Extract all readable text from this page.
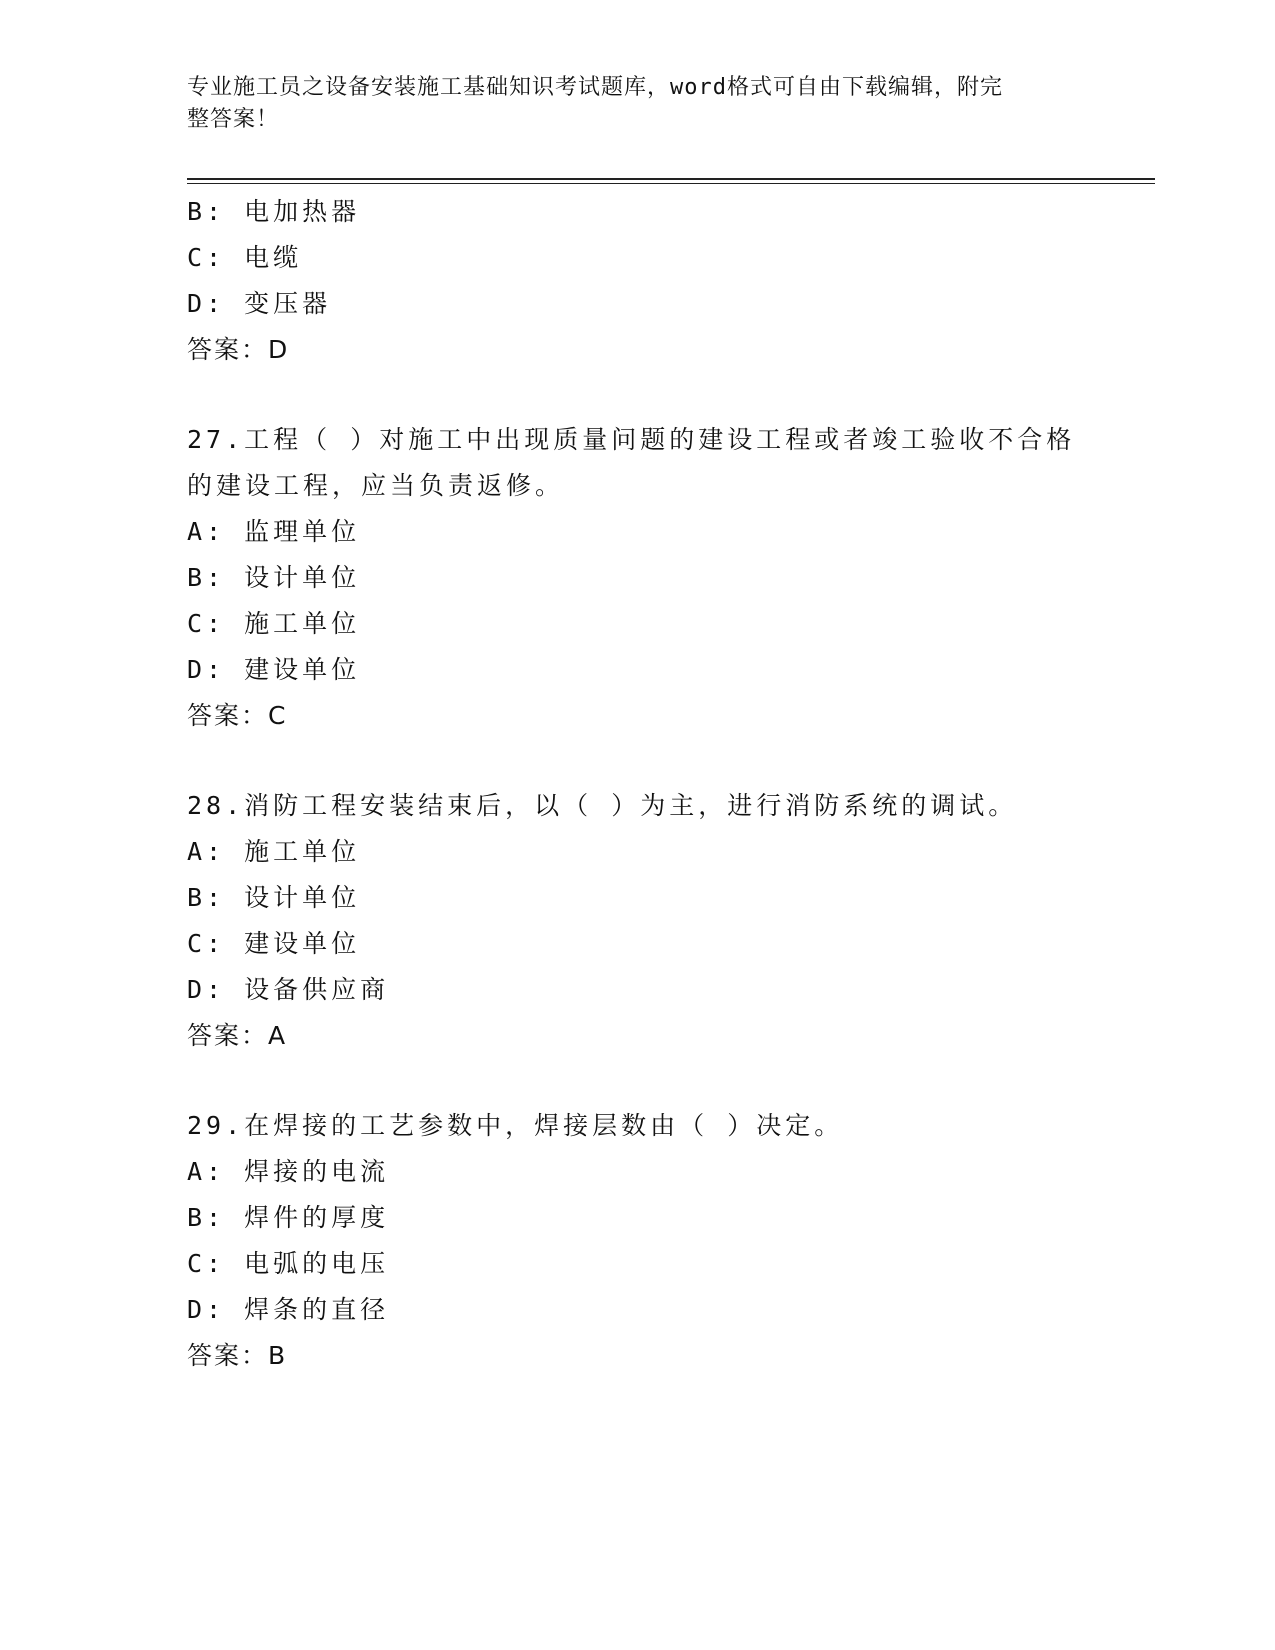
专业施工员之设备安装施工基础知识考试题库，word格式可自由下载编辑，附完
整答案！
B: 电加热器
C: 电缆
D: 变压器
答案：D
27.工程（ ）对施工中出现质量问题的建设工程或者竣工验收不合格
的建设工程，应当负责返修。
A: 监理单位
B: 设计单位
C: 施工单位
D: 建设单位
答案：C
28.消防工程安装结束后，以（ ）为主，进行消防系统的调试。
A: 施工单位
B: 设计单位
C: 建设单位
D: 设备供应商
答案：A
29.在焊接的工艺参数中，焊接层数由（ ）决定。
A: 焊接的电流
B: 焊件的厚度
C: 电弧的电压
D: 焊条的直径
答案：B
